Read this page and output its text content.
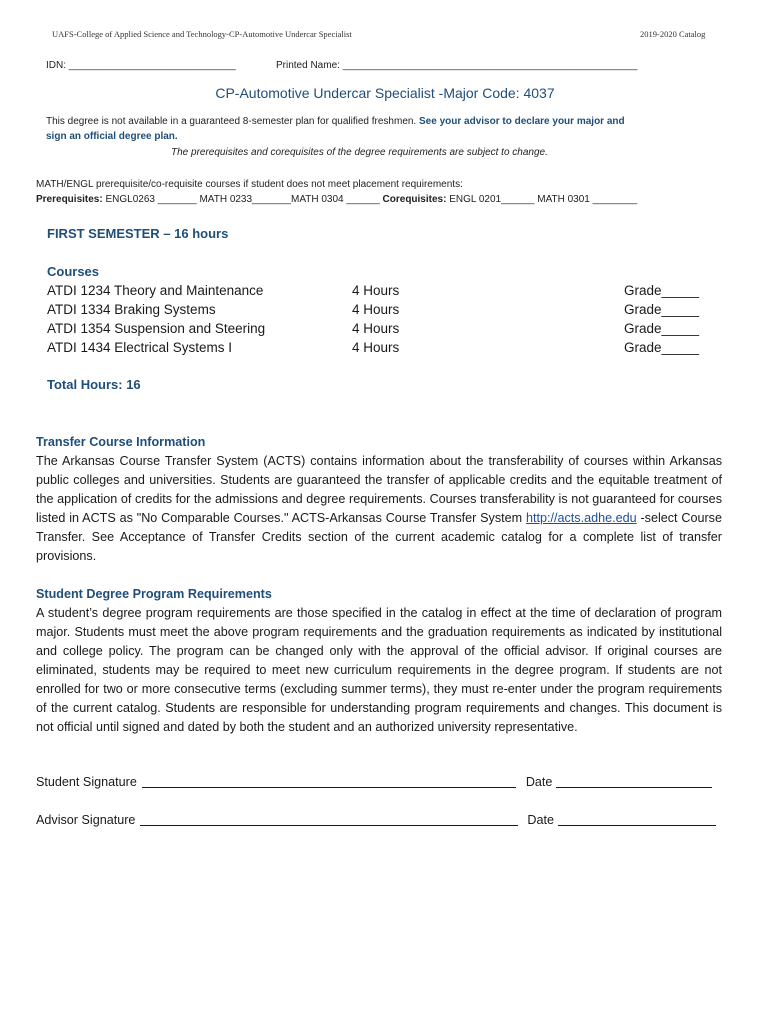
UAFS-College of Applied Science and Technology-CP-Automotive Undercar Specialist	2019-2020 Catalog
IDN: ______________________________	Printed Name: _____________________________________________________
CP-Automotive Undercar Specialist -Major Code: 4037
This degree is not available in a guaranteed 8-semester plan for qualified freshmen. See your advisor to declare your major and
sign an official degree plan.
The prerequisites and corequisites of the degree requirements are subject to change.
MATH/ENGL prerequisite/co-requisite courses if student does not meet placement requirements:
Prerequisites: ENGL0263 _______ MATH 0233_______MATH 0304 ______ Corequisites: ENGL 0201______ MATH 0301 ________
FIRST SEMESTER – 16 hours
Courses
ATDI 1234 Theory and Maintenance	4 Hours	Grade_____
ATDI 1334 Braking Systems	4 Hours	Grade_____
ATDI 1354 Suspension and Steering	4 Hours	Grade_____
ATDI 1434 Electrical Systems I	4 Hours	Grade_____
Total Hours: 16
Transfer Course Information
The Arkansas Course Transfer System (ACTS) contains information about the transferability of courses within Arkansas public colleges and universities. Students are guaranteed the transfer of applicable credits and the equitable treatment of the application of credits for the admissions and degree requirements. Courses transferability is not guaranteed for courses listed in ACTS as "No Comparable Courses." ACTS-Arkansas Course Transfer System http://acts.adhe.edu -select Course Transfer. See Acceptance of Transfer Credits section of the current academic catalog for a complete list of transfer provisions.
Student Degree Program Requirements
A student’s degree program requirements are those specified in the catalog in effect at the time of declaration of program major. Students must meet the above program requirements and the graduation requirements as indicated by institutional and college policy. The program can be changed only with the approval of the official advisor. If original courses are eliminated, students may be required to meet new curriculum requirements in the degree program. If students are not enrolled for two or more consecutive terms (excluding summer terms), they must re-enter under the program requirements of the current catalog. Students are responsible for understanding program requirements and changes. This document is not official until signed and dated by both the student and an authorized university representative.
Student Signature	Date
Advisor Signature	Date
